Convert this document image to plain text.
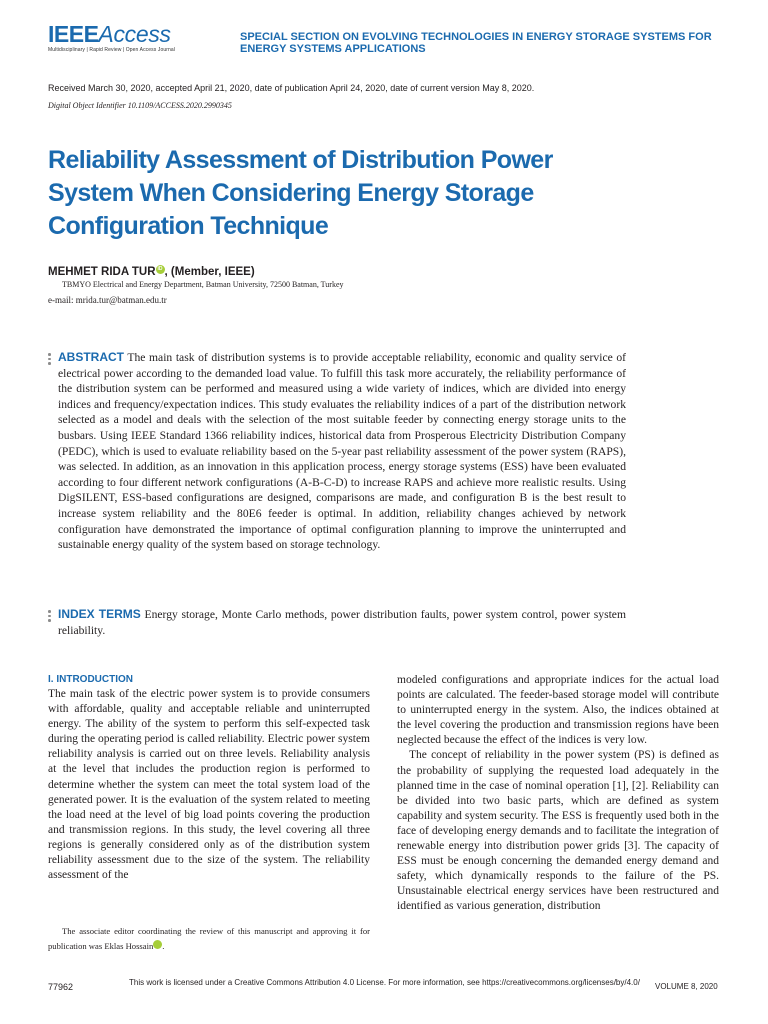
IEEEAccess
Multidisciplinary | Rapid Review | Open Access Journal
SPECIAL SECTION ON EVOLVING TECHNOLOGIES IN ENERGY STORAGE SYSTEMS FOR ENERGY SYSTEMS APPLICATIONS
Received March 30, 2020, accepted April 21, 2020, date of publication April 24, 2020, date of current version May 8, 2020.
Digital Object Identifier 10.1109/ACCESS.2020.2990345
Reliability Assessment of Distribution Power System When Considering Energy Storage Configuration Technique
MEHMET RIDA TUR iD , (Member, IEEE)
TBMYO Electrical and Energy Department, Batman University, 72500 Batman, Turkey
e-mail: mrida.tur@batman.edu.tr
ABSTRACT The main task of distribution systems is to provide acceptable reliability, economic and quality service of electrical power according to the demanded load value. To fulfill this task more accurately, the reliability performance of the distribution system can be performed and measured using a wide variety of indices, which are divided into energy indices and frequency/expectation indices. This study evaluates the reliability indices of a part of the distribution network selected as a model and deals with the selection of the most suitable feeder by connecting energy storage units to the busbars. Using IEEE Standard 1366 reliability indices, historical data from Prosperous Electricity Distribution Company (PEDC), which is used to evaluate reliability based on the 5-year past reliability assessment of the power system (RAPS), was selected. In addition, as an innovation in this application process, energy storage systems (ESS) have been evaluated according to four different network configurations (A-B-C-D) to increase RAPS and achieve more realistic results. Using DigSILENT, ESS-based configurations are designed, comparisons are made, and configuration B is the best result to increase system reliability and the 80E6 feeder is optimal. In addition, reliability changes achieved by network configuration have demonstrated the importance of optimal configuration planning to improve the uninterrupted and sustainable energy quality of the system based on storage technology.
INDEX TERMS Energy storage, Monte Carlo methods, power distribution faults, power system control, power system reliability.
I. INTRODUCTION

The main task of the electric power system is to provide consumers with affordable, quality and acceptable reliable and uninterrupted energy. The ability of the system to perform this self-expected task during the operating period is called reliability. Electric power system reliability analysis is carried out on three levels. Reliability analysis at the level that includes the production region is performed to determine whether the system can meet the total system load of the generated power. It is the evaluation of the system related to meeting the load need at the level of big load points covering the production and transmission regions. In this study, the level covering all three regions is generally considered only as of the distribution system reliability assessment due to the size of the system. The reliability assessment of the

The associate editor coordinating the review of this manuscript and approving it for publication was Eklas Hossain	iD.

modeled configurations and appropriate indices for the actual load points are calculated. The feeder-based storage model will contribute to uninterrupted energy in the system. Also, the indices obtained at the level covering the production and transmission regions have been neglected because the effect of the indices is very low.

The concept of reliability in the power system (PS) is defined as the probability of supplying the requested load adequately in the planned time in the case of nominal operation [1], [2]. Reliability can be divided into two basic parts, which are defined as system capability and system security. The ESS is frequently used both in the face of developing energy demands and to facilitate the integration of renewable energy into distribution power grids [3]. The capacity of ESS must be enough concerning the demanded energy demand and safety, which dynamically responds to the failure of the PS. Unsustainable electrical energy services have been restructured and identified as various generation, distribution

77962	This work is licensed under a Creative Commons Attribution 4.0 License. For more information, see https://creativecommons.org/licenses/by/4.0/	VOLUME 8, 2020
